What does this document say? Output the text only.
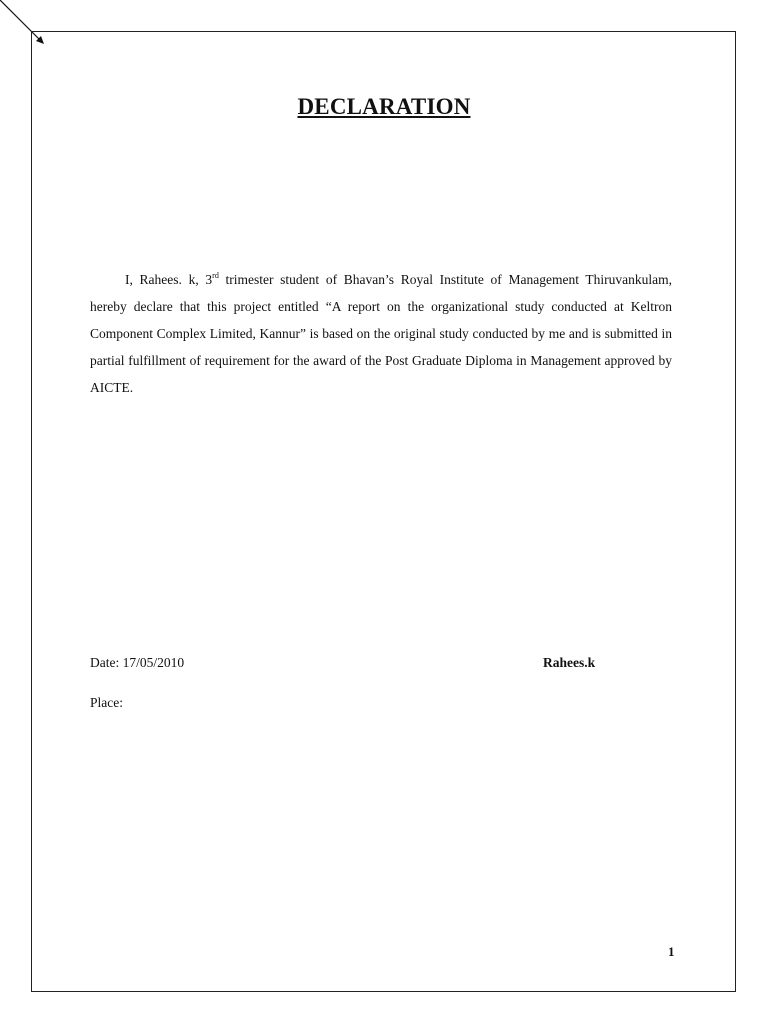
DECLARATION
I, Rahees. k, 3rd trimester student of Bhavan’s Royal Institute of Management Thiruvankulam, hereby declare that this project entitled “A report on the organizational study conducted at Keltron Component Complex Limited, Kannur” is based on the original study conducted by me and is submitted in partial fulfillment of requirement for the award of the Post Graduate Diploma in Management approved by AICTE.
Date: 17/05/2010	Rahees.k
Place:
1
